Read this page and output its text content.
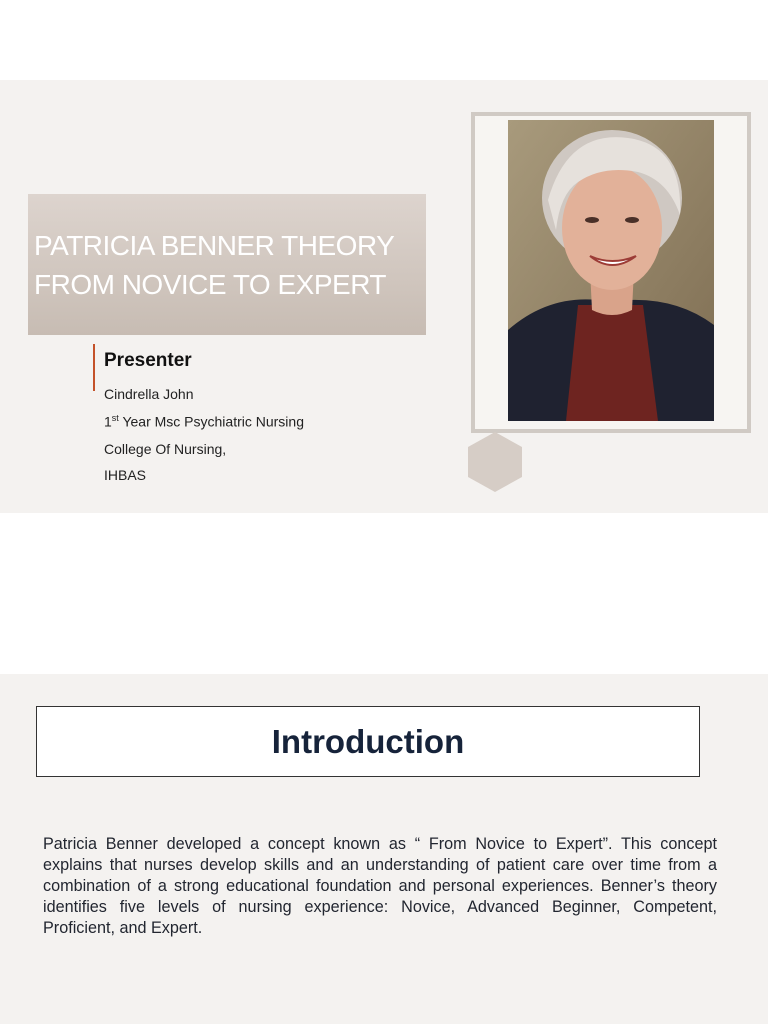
PATRICIA BENNER THEORY
FROM NOVICE TO EXPERT
Presenter
Cindrella John
1st Year Msc Psychiatric Nursing
College Of Nursing,
IHBAS
Introduction

Patricia Benner developed a concept known as “ From Novice to Expert”. This concept explains that nurses develop skills and an understanding of patient care over time from a combination of a strong educational foundation and personal experiences. Benner’s theory identifies five levels of nursing experience: Novice, Advanced Beginner, Competent, Proficient, and Expert.
